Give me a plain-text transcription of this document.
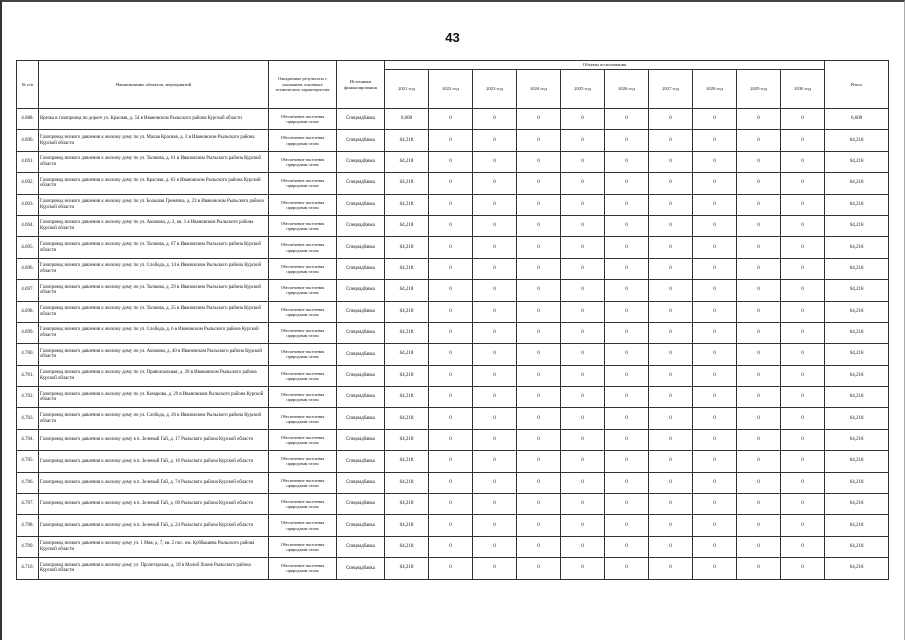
43
№ п/п	Наименование объектов, мероприятий	Ожидаемые результаты с указанием основных технических характеристик	Источники финансирования	Объемы ассигнования										Итого
				2021 год	2022 год	2023 год	2024 год	2025 год	2026 год	2027 год	2028 год	2029 год	2030 год	
4.688.	Врезка в газопровод по дороге ул. Красная, д. 54 в Ивановском Рыльского района Курской области	Обеспечение населения природным газом	Спецнадбавка	6,600	0	0	0	0	0	0	0	0	0	6,600
4.690.	Газопровод низкого давления к жилому дому по ул. Малая Красная, д. 3 в Ивановском Рыльского района Курской области	Обеспечение населения природным газом	Спецнадбавка	64,218	0	0	0	0	0	0	0	0	0	64,218
4.691.	Газопровод низкого давления к жилому дому по ул. Тычкова, д. 61 в Ивановском Рыльского района Курской области	Обеспечение населения природным газом	Спецнадбавка	64,218	0	0	0	0	0	0	0	0	0	64,218
4.692.	Газопровод низкого давления к жилому дому по ул. Красная, д. 63 в Ивановском Рыльского района Курской области	Обеспечение населения природным газом	Спецнадбавка	64,218	0	0	0	0	0	0	0	0	0	64,218
4.693.	Газопровод низкого давления к жилому дому по ул. Большая Гремячка, д. 23 в Ивановском Рыльского района Курской области	Обеспечение населения природным газом	Спецнадбавка	64,218	0	0	0	0	0	0	0	0	0	64,218
4.694.	Газопровод низкого давления к жилому дому по ул. Акимова, д. 2, кв. 1 в Ивановском Рыльского района Курской области	Обеспечение населения природным газом	Спецнадбавка	64,218	0	0	0	0	0	0	0	0	0	64,218
4.695.	Газопровод низкого давления к жилому дому по ул. Тычкова, д. 67 в Ивановском Рыльского района Курской области	Обеспечение населения природным газом	Спецнадбавка	64,218	0	0	0	0	0	0	0	0	0	64,218
4.696.	Газопровод низкого давления к жилому дому по ул. Слобода, д. 14 в Ивановском Рыльского района Курской области	Обеспечение населения природным газом	Спецнадбавка	64,218	0	0	0	0	0	0	0	0	0	64,218
4.697.	Газопровод низкого давления к жилому дому по ул. Тычкова, д. 29 в Ивановском Рыльского района Курской области	Обеспечение населения природным газом	Спецнадбавка	64,218	0	0	0	0	0	0	0	0	0	64,218
4.698.	Газопровод низкого давления к жилому дому по ул. Тычкова, д. 25 в Ивановском Рыльского района Курской области	Обеспечение населения природным газом	Спецнадбавка	64,218	0	0	0	0	0	0	0	0	0	64,218
4.699.	Газопровод низкого давления к жилому дому по ул. Слобода, д. 6 в Ивановском Рыльского района Курской области	Обеспечение населения природным газом	Спецнадбавка	64,218	0	0	0	0	0	0	0	0	0	64,218
4.700.	Газопровод низкого давления к жилому дому по ул. Акимова, д. 40 в Ивановском Рыльского района Курской области	Обеспечение населения природным газом	Спецнадбавка	64,218	0	0	0	0	0	0	0	0	0	64,218
4.701.	Газопровод низкого давления к жилому дому по ул. Привокзальная, д. 28 в Ивановском Рыльского района Курской области	Обеспечение населения природным газом	Спецнадбавка	64,218	0	0	0	0	0	0	0	0	0	64,218
4.702.	Газопровод низкого давления к жилому дому по ул. Комарова, д. 29 в Ивановском Рыльского района Курской области	Обеспечение населения природным газом	Спецнадбавка	64,218	0	0	0	0	0	0	0	0	0	64,218
4.703.	Газопровод низкого давления к жилому дому по ул. Слобода, д. 26 в Ивановском Рыльского района Курской области	Обеспечение населения природным газом	Спецнадбавка	64,218	0	0	0	0	0	0	0	0	0	64,218
4.704.	Газопровод низкого давления к жилому дому в п. Зеленый Гай, д. 17 Рыльского района Курской области	Обеспечение населения природным газом	Спецнадбавка	64,218	0	0	0	0	0	0	0	0	0	64,218
4.705.	Газопровод низкого давления к жилому дому в п. Зеленый Гай, д. 16 Рыльского района Курской области	Обеспечение населения природным газом	Спецнадбавка	64,218	0	0	0	0	0	0	0	0	0	64,218
4.706.	Газопровод низкого давления к жилому дому в п. Зеленый Гай, д. 74 Рыльского района Курской области	Обеспечение населения природным газом	Спецнадбавка	64,218	0	0	0	0	0	0	0	0	0	64,218
4.707.	Газопровод низкого давления к жилому дому в п. Зеленый Гай, д. 60 Рыльского района Курской области	Обеспечение населения природным газом	Спецнадбавка	64,218	0	0	0	0	0	0	0	0	0	64,218
4.708.	Газопровод низкого давления к жилому дому в п. Зеленый Гай, д. 24 Рыльского района Курской области	Обеспечение населения природным газом	Спецнадбавка	64,218	0	0	0	0	0	0	0	0	0	64,218
4.709.	Газопровод низкого давления к жилому дому ул. 1 Мая, д. 7, кв. 2 пос. им. Куйбышева Рыльского района Курской области	Обеспечение населения природным газом	Спецнадбавка	64,218	0	0	0	0	0	0	0	0	0	64,218
4.710.	Газопровод низкого давления к жилому дому ул. Пролетарская, д. 18 в Малой Локне Рыльского района Курской области	Обеспечение населения природным газом	Спецнадбавка	64,218	0	0	0	0	0	0	0	0	0	64,218
